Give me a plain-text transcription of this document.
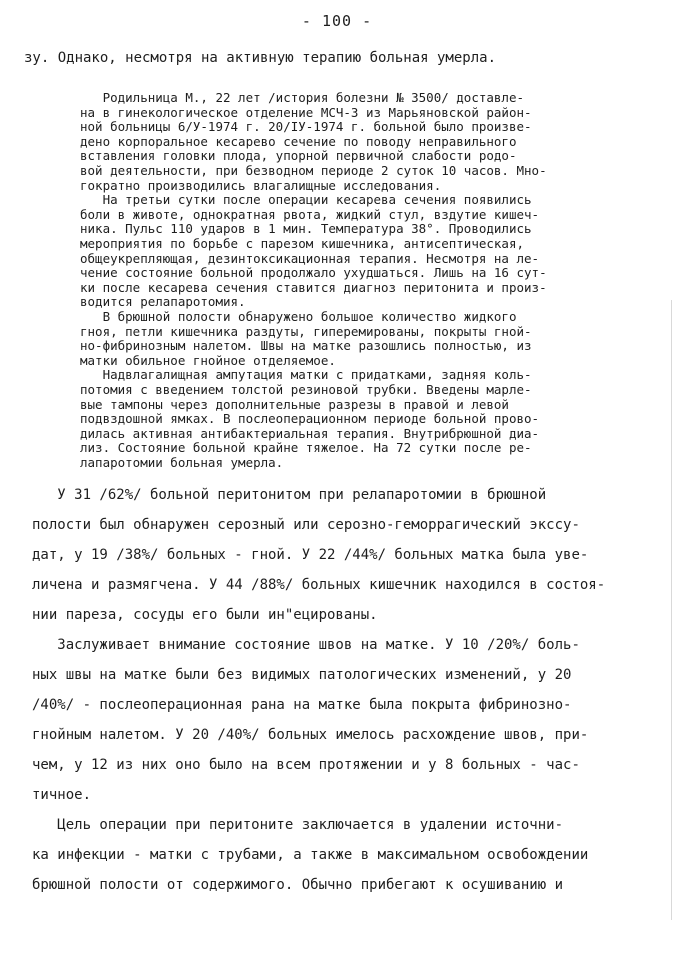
- 100 -
зу. Однако, несмотря на активную терапию больная умерла.
Родильница М., 22 лет /история болезни № 3500/ доставле-
на в гинекологическое отделение МСЧ-3 из Марьяновской район-
ной больницы 6/У-1974 г. 20/IУ-1974 г. больной было произве-
дено корпоральное кесарево сечение по поводу неправильного
вставления головки плода, упорной первичной слабости родо-
вой деятельности, при безводном периоде 2 суток 10 часов. Мно-
гократно производились влагалищные исследования.
На третьи сутки после операции кесарева сечения появились
боли в животе, однократная рвота, жидкий стул, вздутие кишеч-
ника. Пульс 110 ударов в 1 мин. Температура 38°. Проводились
мероприятия по борьбе с парезом кишечника, антисептическая,
общеукрепляющая, дезинтоксикационная терапия. Несмотря на ле-
чение состояние больной продолжало ухудшаться. Лишь на 16 сут-
ки после кесарева сечения ставится диагноз перитонита и произ-
водится релапаротомия.
В брюшной полости обнаружено большое количество жидкого
гноя, петли кишечника раздуты, гиперемированы, покрыты гной-
но-фибринозным налетом. Швы на матке разошлись полностью, из
матки обильное гнойное отделяемое.
Надвлагалищная ампутация матки с придатками, задняя коль-
потомия с введением толстой резиновой трубки. Введены марле-
вые тампоны через дополнительные разрезы в правой и левой
подвздошной ямках. В послеоперационном периоде больной прово-
дилась активная антибактериальная терапия. Внутрибрюшной диа-
лиз. Состояние больной крайне тяжелое. На 72 сутки после ре-
лапаротомии больная умерла.
У 31 /62%/ больной перитонитом при релапаротомии в брюшной
полости был обнаружен серозный или серозно-геморрагический эксcу-
дат, у 19 /38%/ больных - гной. У 22 /44%/ больных матка была уве-
личена и размягчена. У 44 /88%/ больных кишечник находился в состоя-
нии пареза, сосуды его были ин"ецированы.
Заслуживает внимание состояние швов на матке. У 10 /20%/ боль-
ных швы на матке были без видимых патологических изменений, у 20
/40%/ - послеоперационная рана на матке была покрыта фибринозно-
гнойным налетом. У 20 /40%/ больных имелось расхождение швов, при-
чем, у 12 из них оно было на всем протяжении и у 8 больных - час-
тичное.
Цель операции при перитоните заключается в удалении источни-
ка инфекции - матки с трубами, а также в максимальном освобождении
брюшной полости от содержимого. Обычно прибегают к осушиванию и
